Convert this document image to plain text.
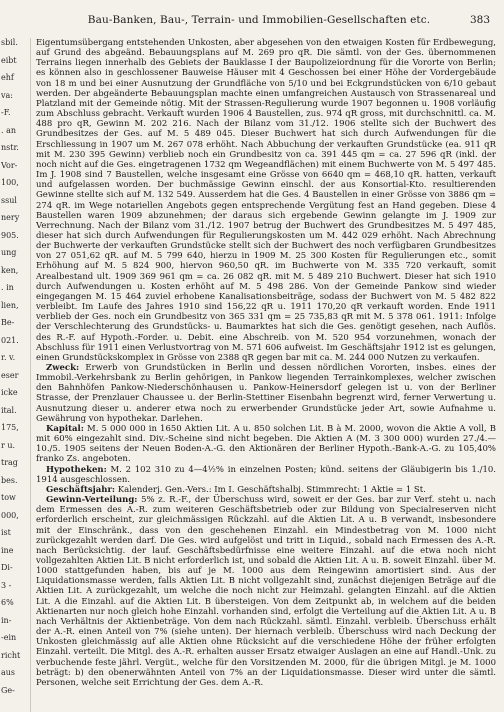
Bau-Banken, Bau-, Terrain- und Immobilien-Gesellschaften etc.	383
sbil.
eibt
ehf
va:
-F.
. an
nstr.
Vor-
100,
ssul
nery
905.
ung
ken,
. in
lien,
Be-
021.
r. v.
eser
icke
ital.
175,
r u.
trag
bes.
tow
000,
ist
ine
Di-
3 -
6%
in-
-ein
richt
aus
Ge-

Eigentumsübergang entstehenden Unkosten, aber abgesehen von den etwaigen Kosten für Erdbewegung, auf Grund des abgeänd. Bebauungsplans auf M. 269 pro qR. Die sämtl. von der Ges. übernommenen Terrains liegen innerhalb des Gebiets der Bauklasse I der Baupolizeiordnung für die Vororte von Berlin; es können also in geschlossener Bauweise Häuser mit 4 Geschossen bei einer Höhe der Vordergebäude von 18 m und bei einer Ausnutzung der Grundfläche von 5/10 und bei Eckgrundstücken von 6/10 gebaut werden. Der abgeänderte Bebauungsplan machte einen umfangreichen Austausch von Strassenareal und Platzland mit der Gemeinde nötig. Mit der Strassen-Regulierung wurde 1907 begonnen u. 1908 vorläufig zum Abschluss gebracht. Verkauft wurden 1906 4 Baustellen, zus. 974 qR gross, mit durchschnittl. ca. M. 488 pro qR, Gewinn M. 202 216. Nach der Bilanz vom 31./12. 1906 stellte sich der Buchwert des Grundbesitzes der Ges. auf M. 5 489 045. Dieser Buchwert hat sich durch Aufwendungen für die Erschliessung in 1907 um M. 267 078 erhöht. Nach Abbuchung der verkauften Grundstücke (ea. 911 qR mit M. 230 395 Gewinn) verblieb noch ein Grundbesitz von ca. 391 445 qm = ca. 27 596 qR (inkl. der noch nicht auf die Ges. eingetragenen 1732 qm Wegeandflächen) mit einem Buchwerte von M. 5 497 485. Im J. 1908 sind 7 Baustellen, welche insgesamt eine Grösse von 6640 qm = 468,10 qR. hatten, verkauft und aufgelassen worden. Der buchmässige Gewinn einschl. der aus Konsortial-Kto. resultierenden Gewinne stellte sich auf M. 132 549. Ausserdem hat die Ges. 4 Baustellen in einer Grösse von 3886 qm = 274 qR. im Wege notariellen Angebots gegen entsprechende Vergütung fest an Hand gegeben. Diese 4 Baustellen waren 1909 abzunehmen; der daraus sich ergebende Gewinn gelangte im J. 1909 zur Verrechnung. Nach der Bilanz vom 31./12. 1907 betrug der Buchwert des Grundbesitzes M. 5 497 485, dieser hat sich durch Aufwendungen für Regulierungskosten um M. 442 029 erhöht. Nach Abrechnung der Buchwerte der verkauften Grundstücke stellt sich der Buchwert des noch verfügbaren Grundbesitzes von 27 051,62 qR. auf M. 5 799 640, hierzu in 1909 M. 25 300 Kosten für Regulierungen etc., somit Erhöhung auf M. 5 824 900, hiervon 960,50 qR. im Buchwerte von M. 335 720 verkauft, somit Arealbestand ult. 1909 369 961 qm = ca. 26 082 qR. mit M. 5 489 210 Buchwert. Dieser hat sich 1910 durch Aufwendungen u. Kosten erhöht auf M. 5 498 286. Von der Gemeinde Pankow sind wieder eingegangen M. 15 464 zuviel erhobene Kanalisationsbeiträge, sodass der Buchwert von M. 5 482 822 verbleibt. Im Laufe des Jahres 1910 sind 156,22 qR u. 1911 170,20 qR verkauft worden. Ende 1911 verblieb der Ges. noch ein Grundbesitz von 365 331 qm = 25 735,83 qR mit M. 5 378 061. 1911: Infolge der Verschlechterung des Grundstücks- u. Baumarktes hat sich die Ges. genötigt gesehen, nach Auflös. des R.-F. auf Hypoth.-Forder. u. Debit. eine Abschreib. von M. 520 954 vorzunehmen, wonach der Abschluss für 1911 einen Verlustvortrag von M. 571 606 aufweist. Im Geschäftsjahr 1912 ist es gelungen, einen Grundstückskomplex in Grösse von 2388 qR gegen bar mit ca. M. 244 000 Nutzen zu verkaufen.

Zweck: Erwerb von Grundstücken in Berlin und dessen nördlichen Vororten, insbes. eines der Immobil.-Verkehrsbank zu Berlin gehörigen, in Pankow liegenden Terrainkomplexes, welcher zwischen den Bahnhöfen Pankow-Niederschönhausen u. Pankow-Heinersdorf gelegen ist u. von der Berliner Strasse, der Prenzlauer Chaussee u. der Berlin-Stettiner Eisenbahn begrenzt wird, ferner Verwertung u. Ausnutzung dieser u. anderer etwa noch zu erwerbender Grundstücke jeder Art, sowie Aufnahme u. Gewährung von hypothekar. Darlehen.

Kapital: M. 5 000 000 in 1650 Aktien Lit. A u. 850 solchen Lit. B à M. 2000, wovon die Aktie A voll, B mit 60% eingezahlt sind. Div.-Scheine sind nicht begeben. Die Aktien A (M. 3 300 000) wurden 27./4.—10./5. 1905 seitens der Neuen Boden-A.-G. den Aktionären der Berliner Hypoth.-Bank-A.-G. zu 105,40% franko Zs. angeboten.

Hypotheken: M. 2 102 310 zu 4—4½% in einzelnen Posten; künd. seitens der Gläubigerin bis 1./10. 1914 ausgeschlossen.

Geschäftsjahr: Kalenderj. Gen.-Vers.: Im I. Geschäftshalbj. Stimmrecht: 1 Aktie = 1 St.

Gewinn-Verteilung: 5% z. R.-F., der Überschuss wird, soweit er der Ges. bar zur Verf. steht u. nach dem Ermessen des A.-R. zum weiteren Geschäftsbetrieb oder zur Bildung von Specialreserven nicht erforderlich erscheint, zur gleichmässigen Rückzahl. auf die Aktien Lit. A u. B verwandt, insbesondere mit der Einschränk., dass von den geschehenen Einzahl. ein Mindestbetrag von M. 1000 nicht zurückgezahlt werden darf. Die Ges. wird aufgelöst und tritt in Liquid., sobald nach Ermessen des A.-R. nach Berücksichtig. der lauf. Geschäftsbedürfnisse eine weitere Einzahl. auf die etwa noch nicht vollgezahlten Aktien Lit. B nicht erforderlich ist, und sobald die Aktien Lit. A u. B. soweit Einzahl. über M. 1000 stattgefunden haben, bis auf je M. 1000 aus dem Reingewinn amortisiert sind. Aus der Liquidationsmasse werden, falls Aktien Lit. B nicht vollgezahlt sind, zunächst diejenigen Beträge auf die Aktien Lit. A zurückgezahlt, um welche die noch nicht zur Heimzahl. gelangten Einzahl. auf die Aktien Lit. A die Einzahl. auf die Aktien Lit. B übersteigen. Von dem Zeitpunkt ab, in welchem auf die beiden Aktienarten nur noch gleich hohe Einzahl. vorhanden sind, erfolgt die Verteilung auf die Aktien Lit. A u. B nach Verhältnis der Aktienbeträge. Von dem nach Rückzahl. sämtl. Einzahl. verbleib. Überschuss erhält der A.-R. einen Anteil von 7% (siehe unten). Der hiernach verbleib. Überschuss wird nach Deckung der Unkosten gleichmässig auf alle Aktien ohne Rücksicht auf die verschiedene Höhe der früher erfolgten Einzahl. verteilt. Die Mitgl. des A.-R. erhalten ausser Ersatz etwaiger Auslagen an eine auf Handl.-Unk. zu verbuchende feste jährl. Vergüt., welche für den Vorsitzenden M. 2000, für die übrigen Mitgl. je M. 1000 beträgt: b) den obenerwähnten Anteil von 7% an der Liquidationsmasse. Dieser wird unter die sämtl. Personen, welche seit Errichtung der Ges. dem A.-R.
